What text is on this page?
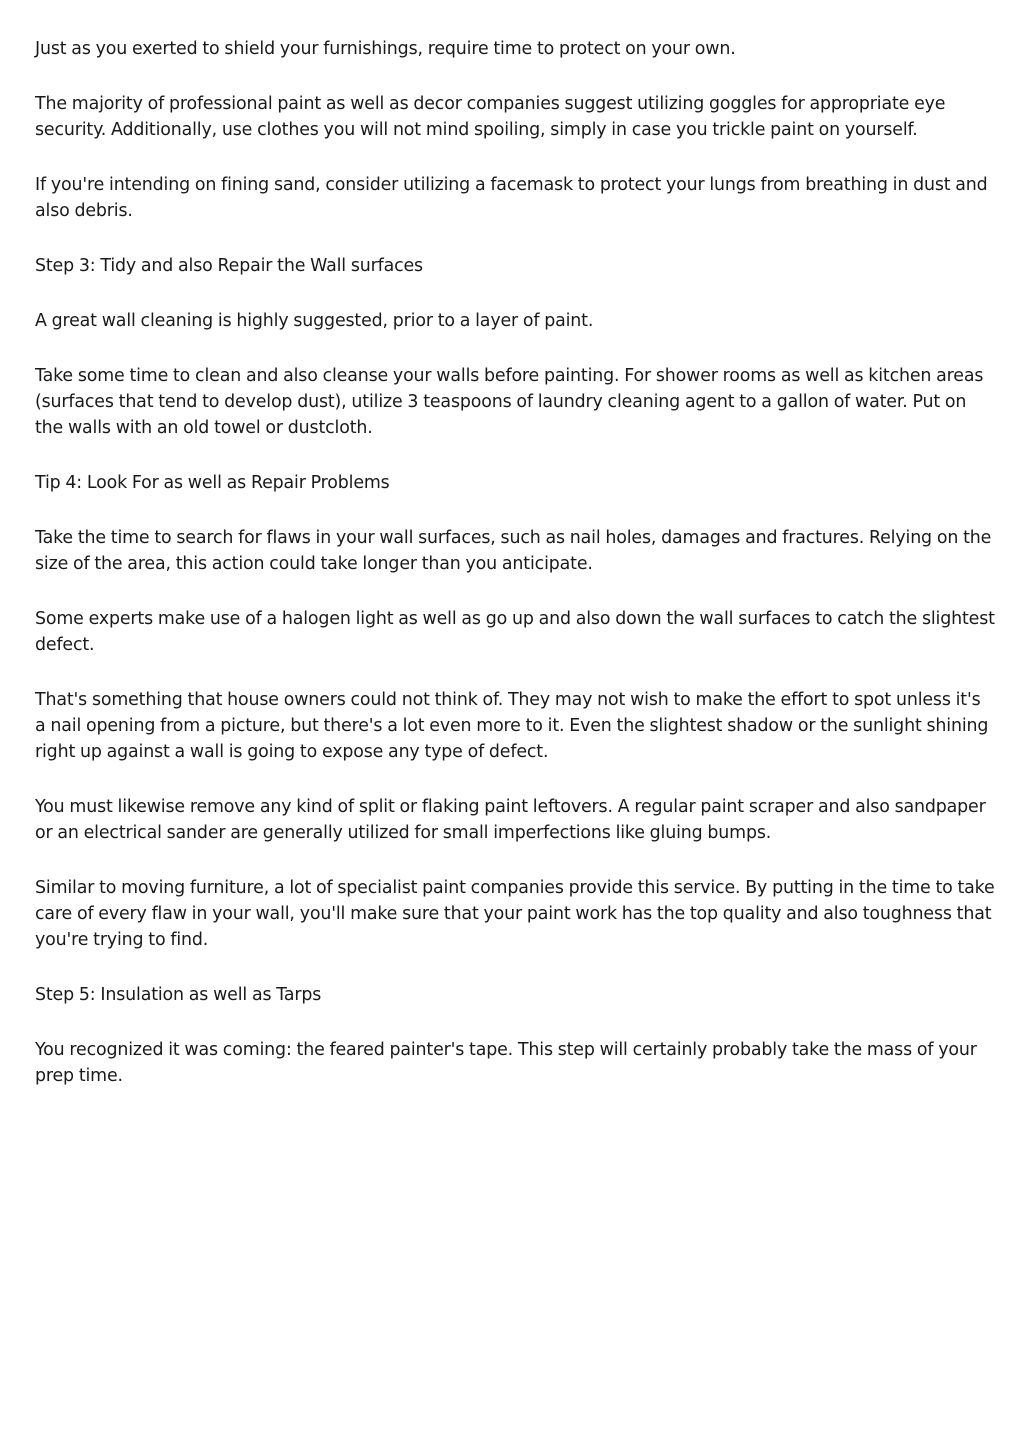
Just as you exerted to shield your furnishings, require time to protect on your own.

The majority of professional paint as well as decor companies suggest utilizing goggles for appropriate eye security. Additionally, use clothes you will not mind spoiling, simply in case you trickle paint on yourself.

If you're intending on fining sand, consider utilizing a facemask to protect your lungs from breathing in dust and also debris.

Step 3: Tidy and also Repair the Wall surfaces

A great wall cleaning is highly suggested, prior to a layer of paint.

Take some time to clean and also cleanse your walls before painting. For shower rooms as well as kitchen areas (surfaces that tend to develop dust), utilize 3 teaspoons of laundry cleaning agent to a gallon of water. Put on the walls with an old towel or dustcloth.

Tip 4: Look For as well as Repair Problems

Take the time to search for flaws in your wall surfaces, such as nail holes, damages and fractures. Relying on the size of the area, this action could take longer than you anticipate.

Some experts make use of a halogen light as well as go up and also down the wall surfaces to catch the slightest defect.

That's something that house owners could not think of. They may not wish to make the effort to spot unless it's a nail opening from a picture, but there's a lot even more to it. Even the slightest shadow or the sunlight shining right up against a wall is going to expose any type of defect.

You must likewise remove any kind of split or flaking paint leftovers. A regular paint scraper and also sandpaper or an electrical sander are generally utilized for small imperfections like gluing bumps.

Similar to moving furniture, a lot of specialist paint companies provide this service. By putting in the time to take care of every flaw in your wall, you'll make sure that your paint work has the top quality and also toughness that you're trying to find.

Step 5: Insulation as well as Tarps

You recognized it was coming: the feared painter's tape. This step will certainly probably take the mass of your prep time.
